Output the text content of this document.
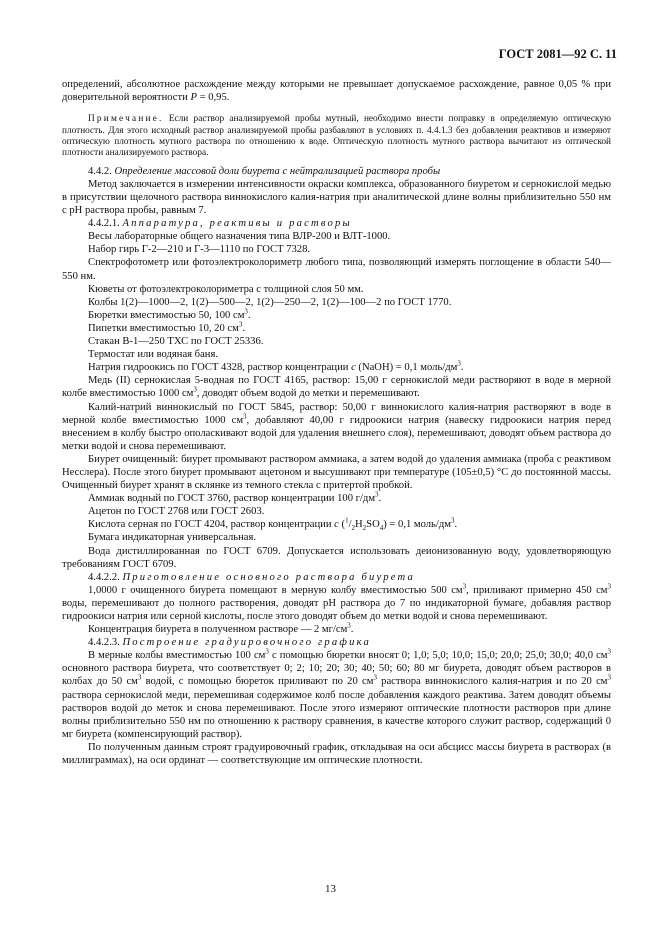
ГОСТ 2081—92 С. 11

определений, абсолютное расхождение между которыми не превышает допускаемое расхождение, равное 0,05 % при доверительной вероятности P = 0,95.

Примечание. Если раствор анализируемой пробы мутный, необходимо внести поправку в определяемую оптическую плотность. Для этого исходный раствор анализируемой пробы разбавляют в условиях п. 4.4.1.3 без добавления реактивов и измеряют оптическую плотность мутного раствора по отношению к воде. Оптическую плотность мутного раствора вычитают из оптической плотности анализируемого раствора.

4.4.2. Определение массовой доли биурета с нейтрализацией раствора пробы

Метод заключается в измерении интенсивности окраски комплекса, образованного биуретом и сернокислой медью в присутствии щелочного раствора виннокислого калия-натрия при аналитической длине волны приблизительно 550 нм с pH раствора пробы, равным 7.

4.4.2.1. Аппаратура, реактивы и растворы

Весы лабораторные общего назначения типа ВЛР-200 и ВЛТ-1000.

Набор гирь Г-2—210 и Г-3—1110 по ГОСТ 7328.

Спектрофотометр или фотоэлектроколориметр любого типа, позволяющий измерять поглощение в области 540—550 нм.

Кюветы от фотоэлектроколориметра с толщиной слоя 50 мм.

Колбы 1(2)—1000—2, 1(2)—500—2, 1(2)—250—2, 1(2)—100—2 по ГОСТ 1770.

Бюретки вместимостью 50, 100 $см^3$.

Пипетки вместимостью 10, 20 $см^3$.

Стакан В-1—250 ТХС по ГОСТ 25336.

Термостат или водяная баня.

Натрия гидроокись по ГОСТ 4328, раствор концентрации c (NaOH) = 0,1 моль/$дм^3$.

Медь (II) сернокислая 5-водная по ГОСТ 4165, раствор: 15,00 г сернокислой меди растворяют в воде в мерной колбе вместимостью 1000 $см^3$, доводят объем водой до метки и перемешивают.

Калий-натрий виннокислый по ГОСТ 5845, раствор: 50,00 г виннокислого калия-натрия растворяют в воде в мерной колбе вместимостью 1000 $см^3$, добавляют 40,00 г гидроокиси натрия (навеску гидроокиси натрия перед внесением в колбу быстро ополаскивают водой для удаления внешнего слоя), перемешивают, доводят объем раствора до метки водой и снова перемешивают.

Биурет очищенный: биурет промывают раствором аммиака, а затем водой до удаления аммиака (проба с реактивом Несслера). После этого биурет промывают ацетоном и высушивают при температуре (105±0,5) °С до постоянной массы. Очищенный биурет хранят в склянке из темного стекла с притертой пробкой.

Аммиак водный по ГОСТ 3760, раствор концентрации 100 $г/дм^3$.

Ацетон по ГОСТ 2768 или ГОСТ 2603.

Кислота серная по ГОСТ 4204, раствор концентрации c $(^1/_2H_2SO_4) = 0,1$ моль/$дм^3$.

Бумага индикаторная универсальная.

Вода дистиллированная по ГОСТ 6709. Допускается использовать деионизованную воду, удовлетворяющую требованиям ГОСТ 6709.

4.4.2.2. Приготовление основного раствора биурета

1,0000 г очищенного биурета помещают в мерную колбу вместимостью 500 $см^3$, приливают примерно 450 $см^3$ воды, перемешивают до полного растворения, доводят pH раствора до 7 по индикаторной бумаге, добавляя раствор гидроокиси натрия или серной кислоты, после этого доводят объем до метки водой и снова перемешивают.

Концентрация биурета в полученном растворе — 2 $мг/см^3$.

4.4.2.3. Построение градуировочного графика

В мерные колбы вместимостью 100 $см^3$ с помощью бюретки вносят 0; 1,0; 5,0; 10,0; 15,0; 20,0; 25,0; 30,0; 40,0 $см^3$ основного раствора биурета, что соответствует 0; 2; 10; 20; 30; 40; 50; 60; 80 мг биурета, доводят объем растворов в колбах до 50 $см^3$ водой, с помощью бюреток приливают по 20 $см^3$ раствора виннокислого калия-натрия и по 20 $см^3$ раствора сернокислой меди, перемешивая содержимое колб после добавления каждого реактива. Затем доводят объемы растворов водой до меток и снова перемешивают. После этого измеряют оптические плотности растворов при длине волны приблизительно 550 нм по отношению к раствору сравнения, в качестве которого служит раствор, содержащий 0 мг биурета (компенсирующий раствор).

По полученным данным строят градуировочный график, откладывая на оси абсцисс массы биурета в растворах (в миллиграммах), на оси ординат — соответствующие им оптические плотности.

13
